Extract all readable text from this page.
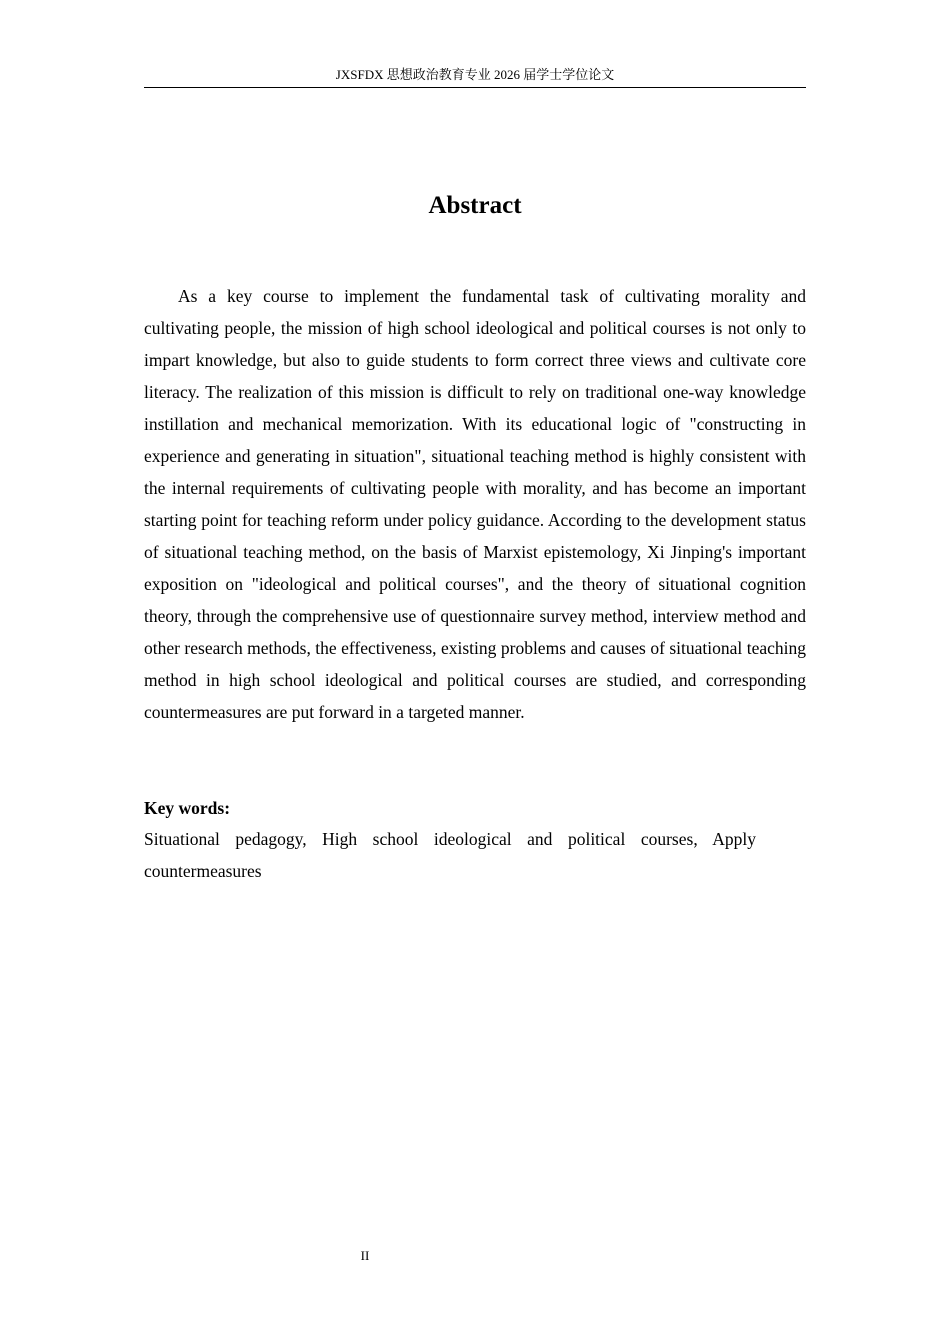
JXSFDX 思想政治教育专业 2026 届学士学位论文
Abstract

As a key course to implement the fundamental task of cultivating morality and cultivating people, the mission of high school ideological and political courses is not only to impart knowledge, but also to guide students to form correct three views and cultivate core literacy. The realization of this mission is difficult to rely on traditional one-way knowledge instillation and mechanical memorization. With its educational logic of "constructing in experience and generating in situation", situational teaching method is highly consistent with the internal requirements of cultivating people with morality, and has become an important starting point for teaching reform under policy guidance. According to the development status of situational teaching method, on the basis of Marxist epistemology, Xi Jinping's important exposition on "ideological and political courses", and the theory of situational cognition theory, through the comprehensive use of questionnaire survey method, interview method and other research methods, the effectiveness, existing problems and causes of situational teaching method in high school ideological and political courses are studied, and corresponding countermeasures are put forward in a targeted manner.

Key words:

Situational pedagogy, High school ideological and political courses, Apply countermeasures

II
